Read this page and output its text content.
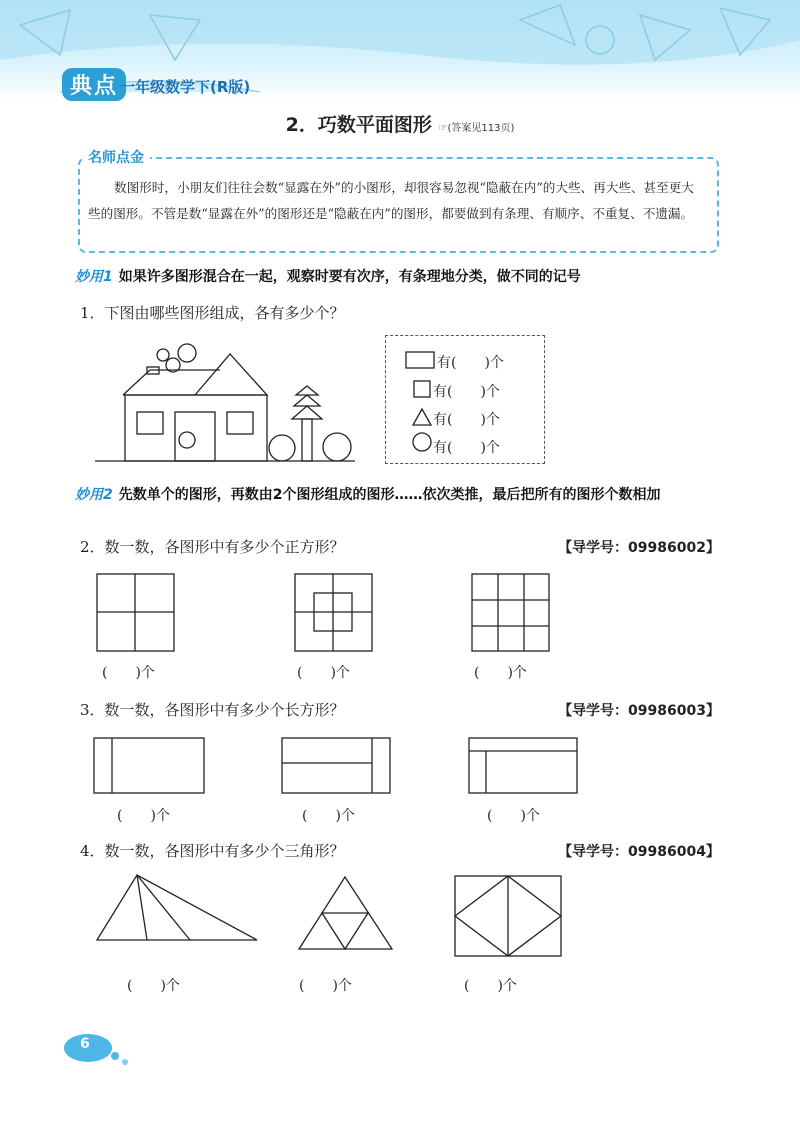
典点 一年级数学下(R版)
2．巧数平面图形 ☞(答案见113页)
名师点金
数图形时，小朋友们往往会数“显露在外”的小图形，却很容易忽视“隐蔽在内”的大些、再大些、甚至更大些的图形。不管是数“显露在外”的图形还是“隐蔽在内”的图形，都要做到有条理、有顺序、不重复、不遗漏。
妙用1 如果许多图形混合在一起，观察时要有次序，有条理地分类，做不同的记号
1．下图由哪些图形组成，各有多少个？
有(　　)个
有(　　)个
有(　　)个
有(　　)个
妙用2 先数单个的图形，再数由2个图形组成的图形……依次类推，最后把所有的图形个数相加
2．数一数，各图形中有多少个正方形？	【导学号：09986002】
(　　)个	(　　)个	(　　)个
3．数一数，各图形中有多少个长方形？	【导学号：09986003】
(　　)个	(　　)个	(　　)个
4．数一数，各图形中有多少个三角形？	【导学号：09986004】
(　　)个	(　　)个	(　　)个
6
